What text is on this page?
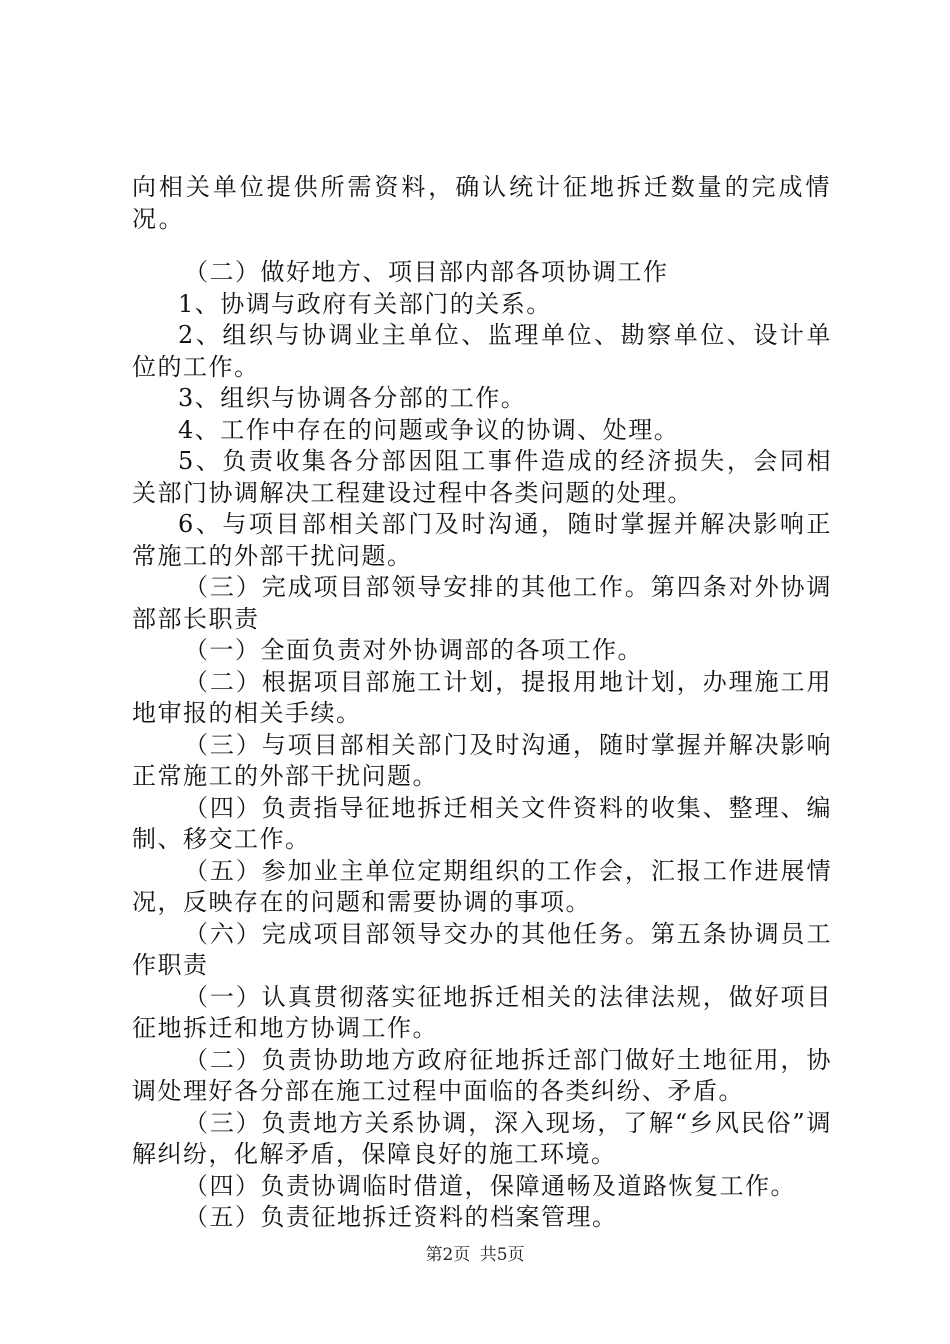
向相关单位提供所需资料，确认统计征地拆迁数量的完成情况。

（二）做好地方、项目部内部各项协调工作

1、协调与政府有关部门的关系。

2、组织与协调业主单位、监理单位、勘察单位、设计单位的工作。

3、组织与协调各分部的工作。

4、工作中存在的问题或争议的协调、处理。

5、负责收集各分部因阻工事件造成的经济损失，会同相关部门协调解决工程建设过程中各类问题的处理。

6、与项目部相关部门及时沟通，随时掌握并解决影响正常施工的外部干扰问题。

（三）完成项目部领导安排的其他工作。第四条对外协调部部长职责

（一）全面负责对外协调部的各项工作。

（二）根据项目部施工计划，提报用地计划，办理施工用地审报的相关手续。

（三）与项目部相关部门及时沟通，随时掌握并解决影响正常施工的外部干扰问题。

（四）负责指导征地拆迁相关文件资料的收集、整理、编制、移交工作。

（五）参加业主单位定期组织的工作会，汇报工作进展情况，反映存在的问题和需要协调的事项。

（六）完成项目部领导交办的其他任务。第五条协调员工作职责

（一）认真贯彻落实征地拆迁相关的法律法规，做好项目征地拆迁和地方协调工作。

（二）负责协助地方政府征地拆迁部门做好土地征用，协调处理好各分部在施工过程中面临的各类纠纷、矛盾。

（三）负责地方关系协调，深入现场，了解“乡风民俗”调解纠纷，化解矛盾，保障良好的施工环境。

（四）负责协调临时借道，保障通畅及道路恢复工作。

（五）负责征地拆迁资料的档案管理。

第2页 共5页
